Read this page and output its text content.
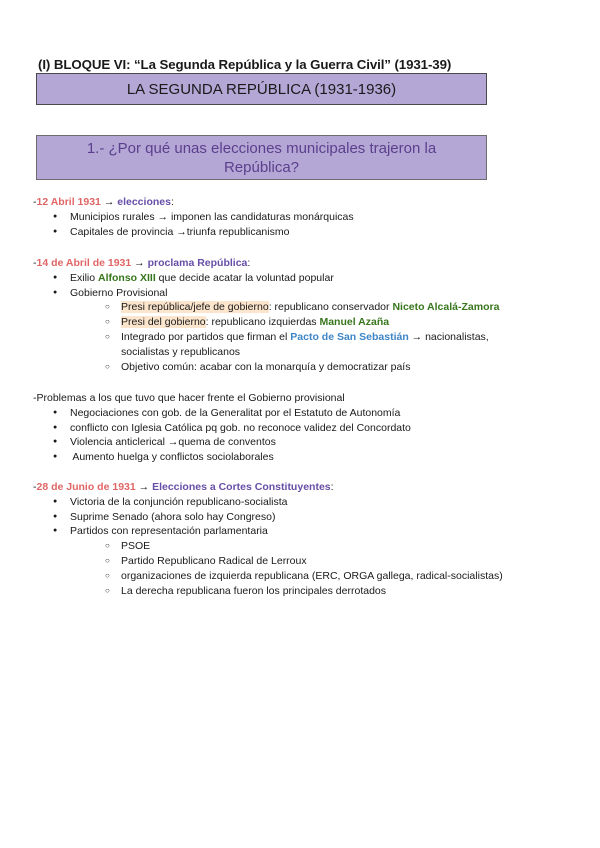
(I) BLOQUE VI: “La Segunda República y la Guerra Civil” (1931-39)
LA SEGUNDA REPÚBLICA (1931-1936)
1.- ¿Por qué unas elecciones municipales trajeron la República?
-12 Abril 1931 → elecciones:
● Municipios rurales → imponen las candidaturas monárquicas
● Capitales de provincia →triunfa republicanismo
-14 de Abril de 1931 → proclama República:
● Exilio Alfonso XIII que decide acatar la voluntad popular
● Gobierno Provisional
○ Presi república/jefe de gobierno: republicano conservador Niceto Alcalá-Zamora
○ Presi del gobierno: republicano izquierdas Manuel Azaña
○ Integrado por partidos que firman el Pacto de San Sebastián → nacionalistas, socialistas y republicanos
○ Objetivo común: acabar con la monarquía y democratizar país
-Problemas a los que tuvo que hacer frente el Gobierno provisional
● Negociaciones con gob. de la Generalitat por el Estatuto de Autonomía
● conflicto con Iglesia Católica pq gob. no reconoce validez del Concordato
● Violencia anticlerical →quema de conventos
●  Aumento huelga y conflictos sociolaborales
-28 de Junio de 1931 → Elecciones a Cortes Constituyentes:
● Victoria de la conjunción republicano-socialista
● Suprime Senado (ahora solo hay Congreso)
● Partidos con representación parlamentaria
○ PSOE
○ Partido Republicano Radical de Lerroux
○ organizaciones de izquierda republicana (ERC, ORGA gallega, radical-socialistas)
○ La derecha republicana fueron los principales derrotados
